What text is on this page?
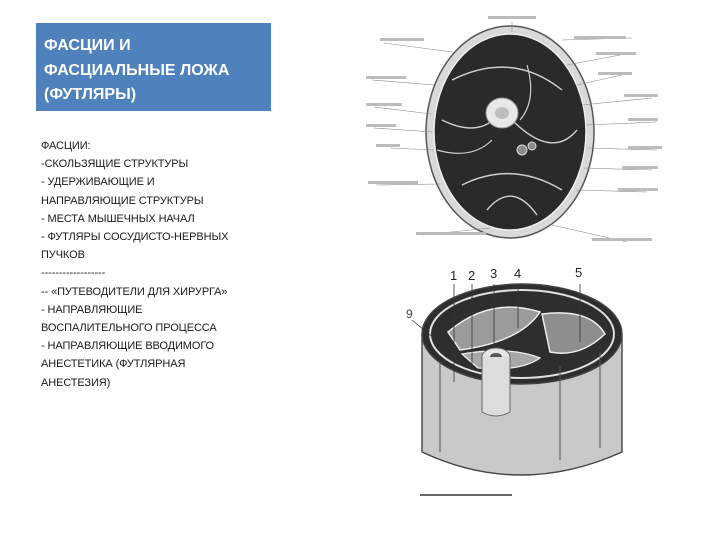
ФАСЦИИ И
ФАСЦИАЛЬНЫЕ ЛОЖА
(ФУТЛЯРЫ)
ФАСЦИИ:
-СКОЛЬЗЯЩИЕ СТРУКТУРЫ
- УДЕРЖИВАЮЩИЕ И
НАПРАВЛЯЮЩИЕ СТРУКТУРЫ
- МЕСТА МЫШЕЧНЫХ НАЧАЛ
- ФУТЛЯРЫ СОСУДИСТО-НЕРВНЫХ
ПУЧКОВ
------------------
-- «ПУТЕВОДИТЕЛИ ДЛЯ ХИРУРГА»
- НАПРАВЛЯЮЩИЕ
ВОСПАЛИТЕЛЬНОГО ПРОЦЕССА
- НАПРАВЛЯЮЩИЕ ВВОДИМОГО
АНЕСТЕТИКА (ФУТЛЯРНАЯ
АНЕСТЕЗИЯ)
1 2 3 4	5
9
